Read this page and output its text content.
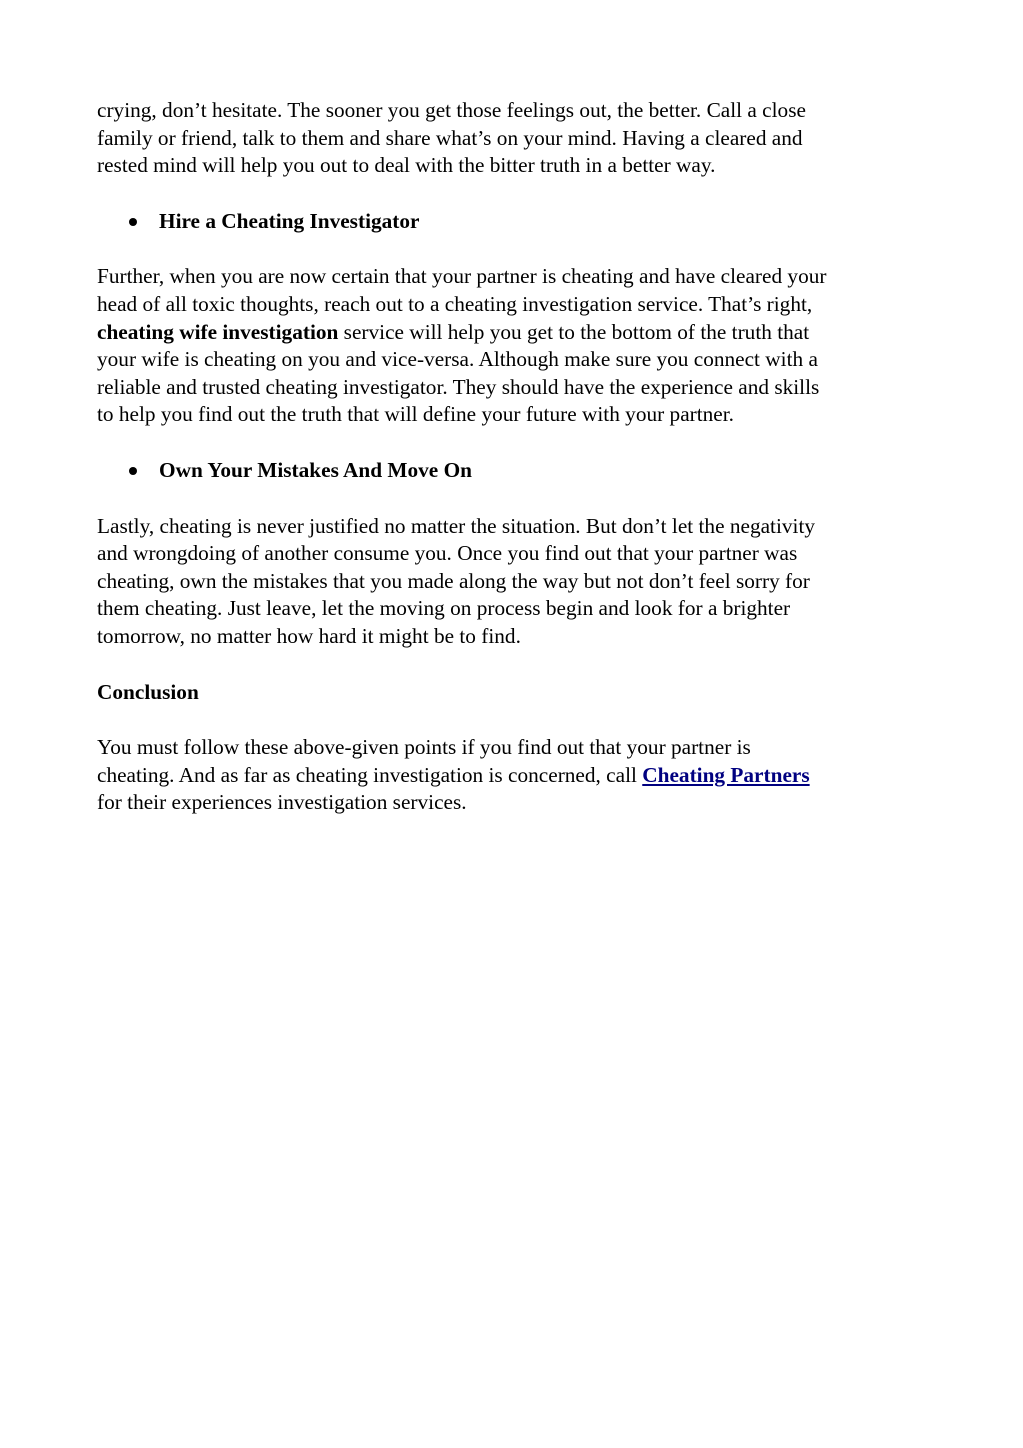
crying, don’t hesitate. The sooner you get those feelings out, the better. Call a close
family or friend, talk to them and share what’s on your mind. Having a cleared and
rested mind will help you out to deal with the bitter truth in a better way.
Hire a Cheating Investigator
Further, when you are now certain that your partner is cheating and have cleared your
head of all toxic thoughts, reach out to a cheating investigation service. That’s right,
cheating wife investigation service will help you get to the bottom of the truth that
your wife is cheating on you and vice-versa. Although make sure you connect with a
reliable and trusted cheating investigator. They should have the experience and skills
to help you find out the truth that will define your future with your partner.
Own Your Mistakes And Move On
Lastly, cheating is never justified no matter the situation. But don’t let the negativity
and wrongdoing of another consume you. Once you find out that your partner was
cheating, own the mistakes that you made along the way but not don’t feel sorry for
them cheating. Just leave, let the moving on process begin and look for a brighter
tomorrow, no matter how hard it might be to find.
Conclusion
You must follow these above-given points if you find out that your partner is
cheating. And as far as cheating investigation is concerned, call Cheating Partners
for their experiences investigation services.
